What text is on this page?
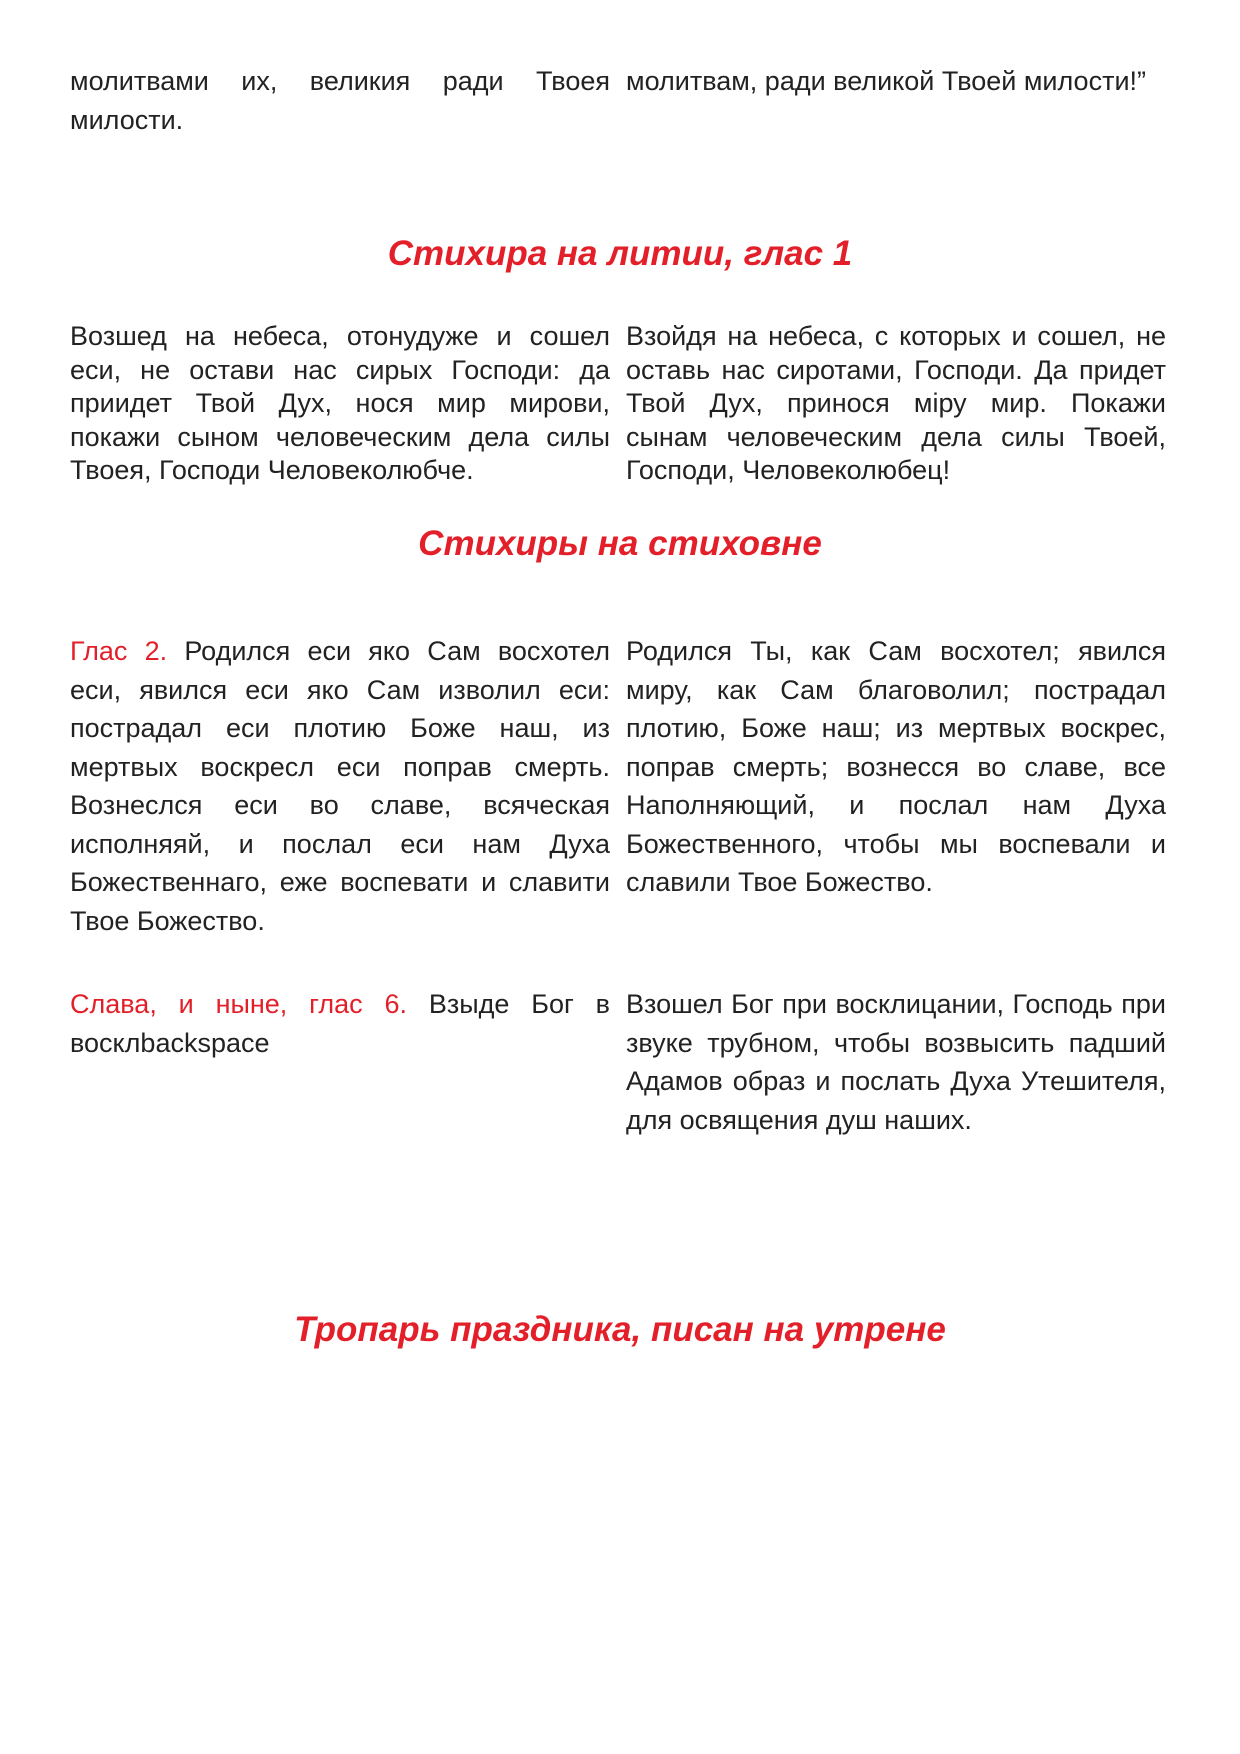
молитвами их, великия ради Твоея милости.
молитвам, ради великой Твоей милости!”
Стихира на литии, глас 1
Возшед на небеса, отонудуже и сошел еси, не остави нас сирых Господи: да приидет Твой Дух, нося мир мирови, покажи сыном человеческим дела силы Твоея, Господи Человеколюбче.
Взойдя на небеса, с которых и сошел, не оставь нас сиротами, Господи. Да придет Твой Дух, принося міру мир. Покажи сынам человеческим дела силы Твоей, Господи, Человеколюбец!
Стихиры на стиховне
Глас 2. Родился еси яко Сам восхотел еси, явился еси яко Сам изволил еси: пострадал еси плотию Боже наш, из мертвых воскресл еси поправ смерть. Вознеслся еси во славе, всяческая исполняяй, и послал еси нам Духа Божественнаго, еже воспевати и славити Твое Божество.
Родился Ты, как Сам восхотел; явился миру, как Сам благоволил; пострадал плотию, Боже наш; из мертвых воскрес, поправ смерть; вознесся во славе, все Наполняющий, и послал нам Духа Божественного, чтобы мы воспевали и славили Твое Божество.
Слава, и ныне, глас 6. Взыде Бог в восклbackspace
Взошел Бог при восклицании, Господь при звуке трубном, чтобы возвысить падший Адамов образ и послать Духа Утешителя, для освящения душ наших.
Тропарь праздника, писан на утрене
